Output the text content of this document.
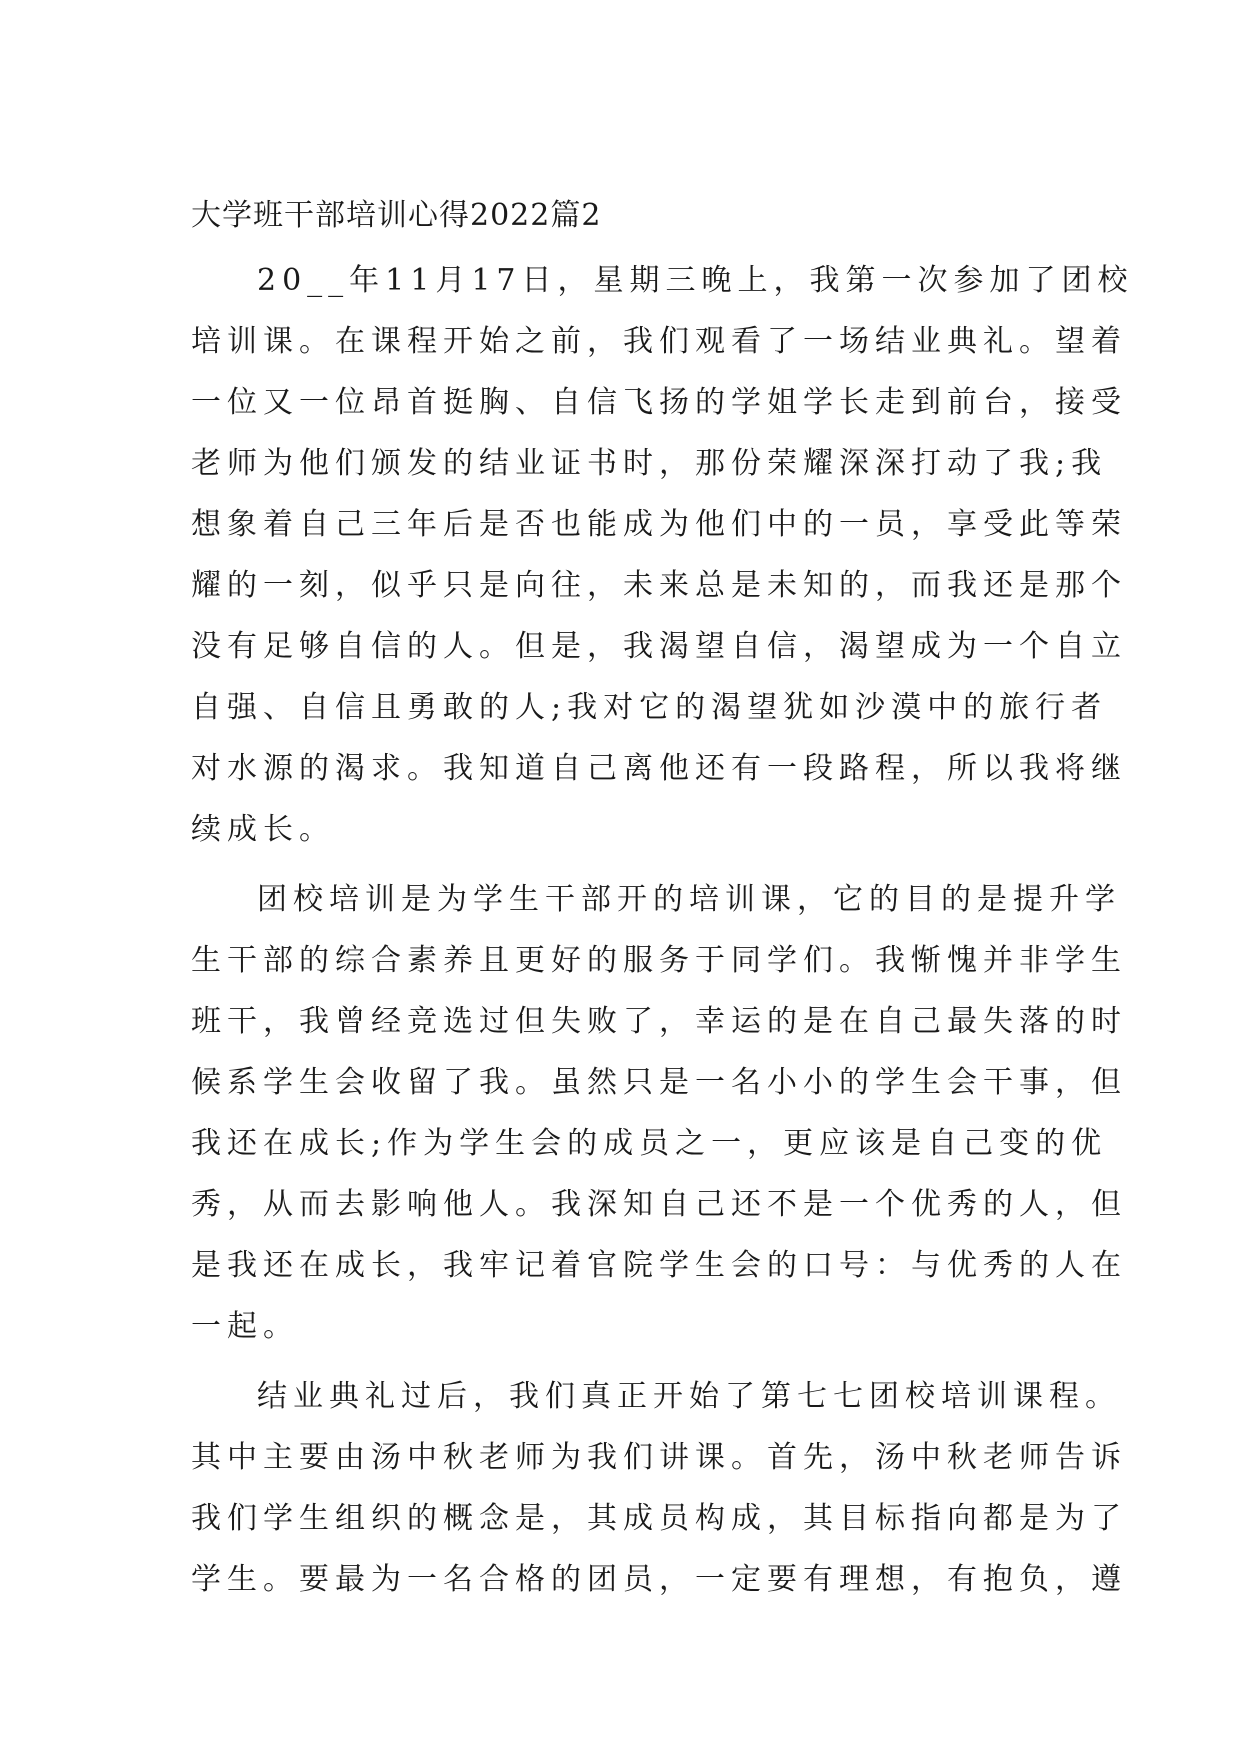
大学班干部培训心得2022篇2

20__年11月17日，星期三晚上，我第一次参加了团校
培训课。在课程开始之前，我们观看了一场结业典礼。望着
一位又一位昂首挺胸、自信飞扬的学姐学长走到前台，接受
老师为他们颁发的结业证书时，那份荣耀深深打动了我;我
想象着自己三年后是否也能成为他们中的一员，享受此等荣
耀的一刻，似乎只是向往，未来总是未知的，而我还是那个
没有足够自信的人。但是，我渴望自信，渴望成为一个自立
自强、自信且勇敢的人;我对它的渴望犹如沙漠中的旅行者
对水源的渴求。我知道自己离他还有一段路程，所以我将继
续成长。

团校培训是为学生干部开的培训课，它的目的是提升学
生干部的综合素养且更好的服务于同学们。我惭愧并非学生
班干，我曾经竞选过但失败了，幸运的是在自己最失落的时
候系学生会收留了我。虽然只是一名小小的学生会干事，但
我还在成长;作为学生会的成员之一，更应该是自己变的优
秀，从而去影响他人。我深知自己还不是一个优秀的人，但
是我还在成长，我牢记着官院学生会的口号：与优秀的人在
一起。

结业典礼过后，我们真正开始了第七七团校培训课程。
其中主要由汤中秋老师为我们讲课。首先，汤中秋老师告诉
我们学生组织的概念是，其成员构成，其目标指向都是为了
学生。要最为一名合格的团员，一定要有理想，有抱负，遵
